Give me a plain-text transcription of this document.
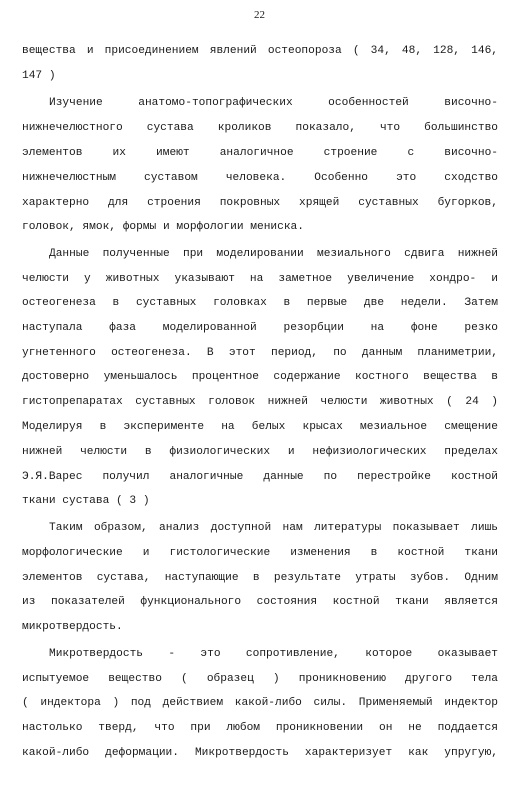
22
вещества и присоединением явлений остеопороза ( 34, 48, 128, 146,
147 )
Изучение анатомо-топографических особенностей височно-
нижнечелюстного сустава кроликов показало, что большинство
элементов их имеют аналогичное строение с височно-
нижнечелюстным суставом человека. Особенно это сходство
характерно для строения покровных хрящей суставных бугорков,
головок, ямок, формы и морфологии мениска.
Данные полученные при моделировании мезиального сдвига нижней
челюсти у животных указывают на заметное увеличение хондро- и
остеогенеза в суставных головках в первые две недели. Затем
наступала фаза моделированной резорбции на фоне резко
угнетенного остеогенеза. В этот период, по данным планиметрии,
достоверно уменьшалось процентное содержание костного вещества в
гистопрепаратах суставных головок нижней челюсти животных ( 24 )
Моделируя в эксперименте на белых крысах мезиальное смещение
нижней челюсти в физиологических и нефизиологических пределах
Э.Я.Варес получил аналогичные данные по перестройке костной
ткани сустава ( 3 )
Таким образом, анализ доступной нам литературы показывает лишь
морфологические и гистологические изменения в костной ткани
элементов сустава, наступающие в результате утраты зубов. Одним
из показателей функционального состояния костной ткани является
микротвердость.
Микротвердость - это сопротивление, которое оказывает
испытуемое вещество ( образец ) проникновению другого тела
( индектора ) под действием какой-либо силы. Применяемый индектор
настолько тверд, что при любом проникновении он не поддается
какой-либо деформации. Микротвердость характеризует как упругую,
